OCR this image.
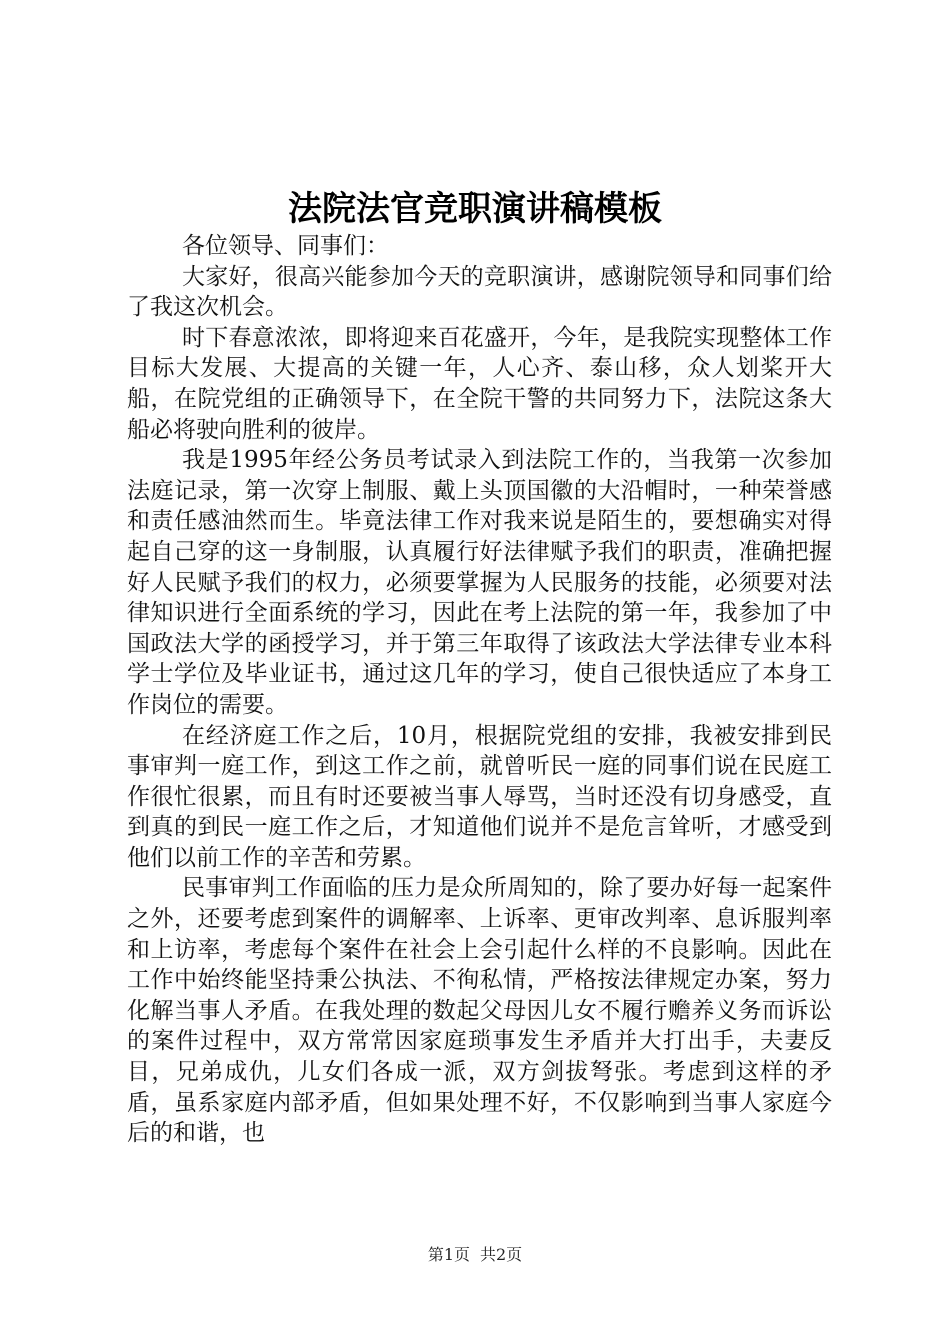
法院法官竞职演讲稿模板

各位领导、同事们：

大家好，很高兴能参加今天的竞职演讲，感谢院领导和同事们给了我这次机会。

时下春意浓浓，即将迎来百花盛开，今年，是我院实现整体工作目标大发展、大提高的关键一年，人心齐、泰山移，众人划桨开大船，在院党组的正确领导下，在全院干警的共同努力下，法院这条大船必将驶向胜利的彼岸。

我是1995年经公务员考试录入到法院工作的，当我第一次参加法庭记录，第一次穿上制服、戴上头顶国徽的大沿帽时，一种荣誉感和责任感油然而生。毕竟法律工作对我来说是陌生的，要想确实对得起自己穿的这一身制服，认真履行好法律赋予我们的职责，准确把握好人民赋予我们的权力，必须要掌握为人民服务的技能，必须要对法律知识进行全面系统的学习，因此在考上法院的第一年，我参加了中国政法大学的函授学习，并于第三年取得了该政法大学法律专业本科学士学位及毕业证书，通过这几年的学习，使自己很快适应了本身工作岗位的需要。

在经济庭工作之后，10月，根据院党组的安排，我被安排到民事审判一庭工作，到这工作之前，就曾听民一庭的同事们说在民庭工作很忙很累，而且有时还要被当事人辱骂，当时还没有切身感受，直到真的到民一庭工作之后，才知道他们说并不是危言耸听，才感受到他们以前工作的辛苦和劳累。

民事审判工作面临的压力是众所周知的，除了要办好每一起案件之外，还要考虑到案件的调解率、上诉率、更审改判率、息诉服判率和上访率，考虑每个案件在社会上会引起什么样的不良影响。因此在工作中始终能坚持秉公执法、不徇私情，严格按法律规定办案，努力化解当事人矛盾。在我处理的数起父母因儿女不履行赡养义务而诉讼的案件过程中，双方常常因家庭琐事发生矛盾并大打出手，夫妻反目，兄弟成仇，儿女们各成一派，双方剑拔弩张。考虑到这样的矛盾，虽系家庭内部矛盾，但如果处理不好，不仅影响到当事人家庭今后的和谐，也

第1页 共2页
